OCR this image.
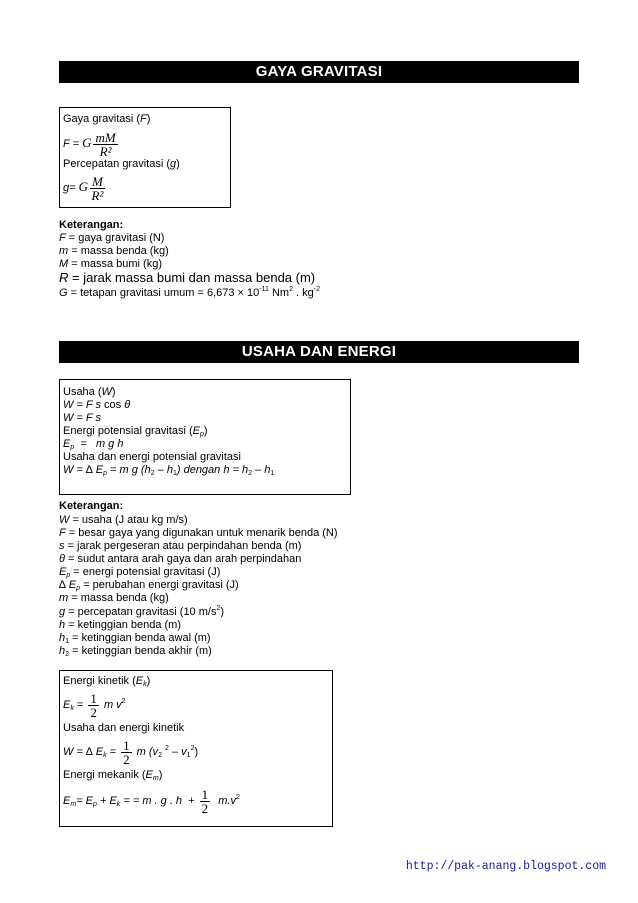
GAYA GRAVITASI
Gaya gravitasi (F)
F = G $\frac{mM}{\text{R²}}$
Percepatan gravitasi (g)
g= G $\frac{M}{\text{R²}}$
Keterangan:
F = gaya gravitasi (N)
m = massa benda (kg)
M = massa bumi (kg)
R = jarak massa bumi dan massa benda (m)
G = tetapan gravitasi umum = $6,673 \times 10^{-11}$ Nm$^2$ . $kg^{-2}$
USAHA DAN ENERGI
Usaha (W)
W = F s cos θ
W = F s
Energi potensial gravitasi $(E_p)$
$E_p = m$ g h
Usaha dan energi potensial gravitasi
W = ∆ $E_p = m$ g $(h_2 - h_1)$ dengan $h = h_2 - h_1$
Keterangan:
W = usaha (J atau kg m/s)
F = besar gaya yang digunakan untuk menarik benda (N)
s = jarak pergeseran atau perpindahan benda (m)
θ = sudut antara arah gaya dan arah perpindahan
$E_p$ = energi potensial gravitasi (J)
∆ $E_p$ = perubahan energi gravitasi (J)
m = massa benda (kg)
g = percepatan gravitasi (10 $m/s^2$)
h = ketinggian benda (m)
$h_1$ = ketinggian benda awal (m)
$h_2$ = ketinggian benda akhir (m)
Energi kinetik $(E_k)$
$E_k = \frac{1}{2}$ m $v^2$
Usaha dan energi kinetik
W = ∆ $E_k = \frac{1}{2}$ m ($v_2$ $^2 - v_1^2$)
Energi mekanik $(E_m)$
$E_m= E_p + E_k$ = = m . g . $h + \frac{1}{2} m.v^2$
http://pak-anang.blogspot.com
